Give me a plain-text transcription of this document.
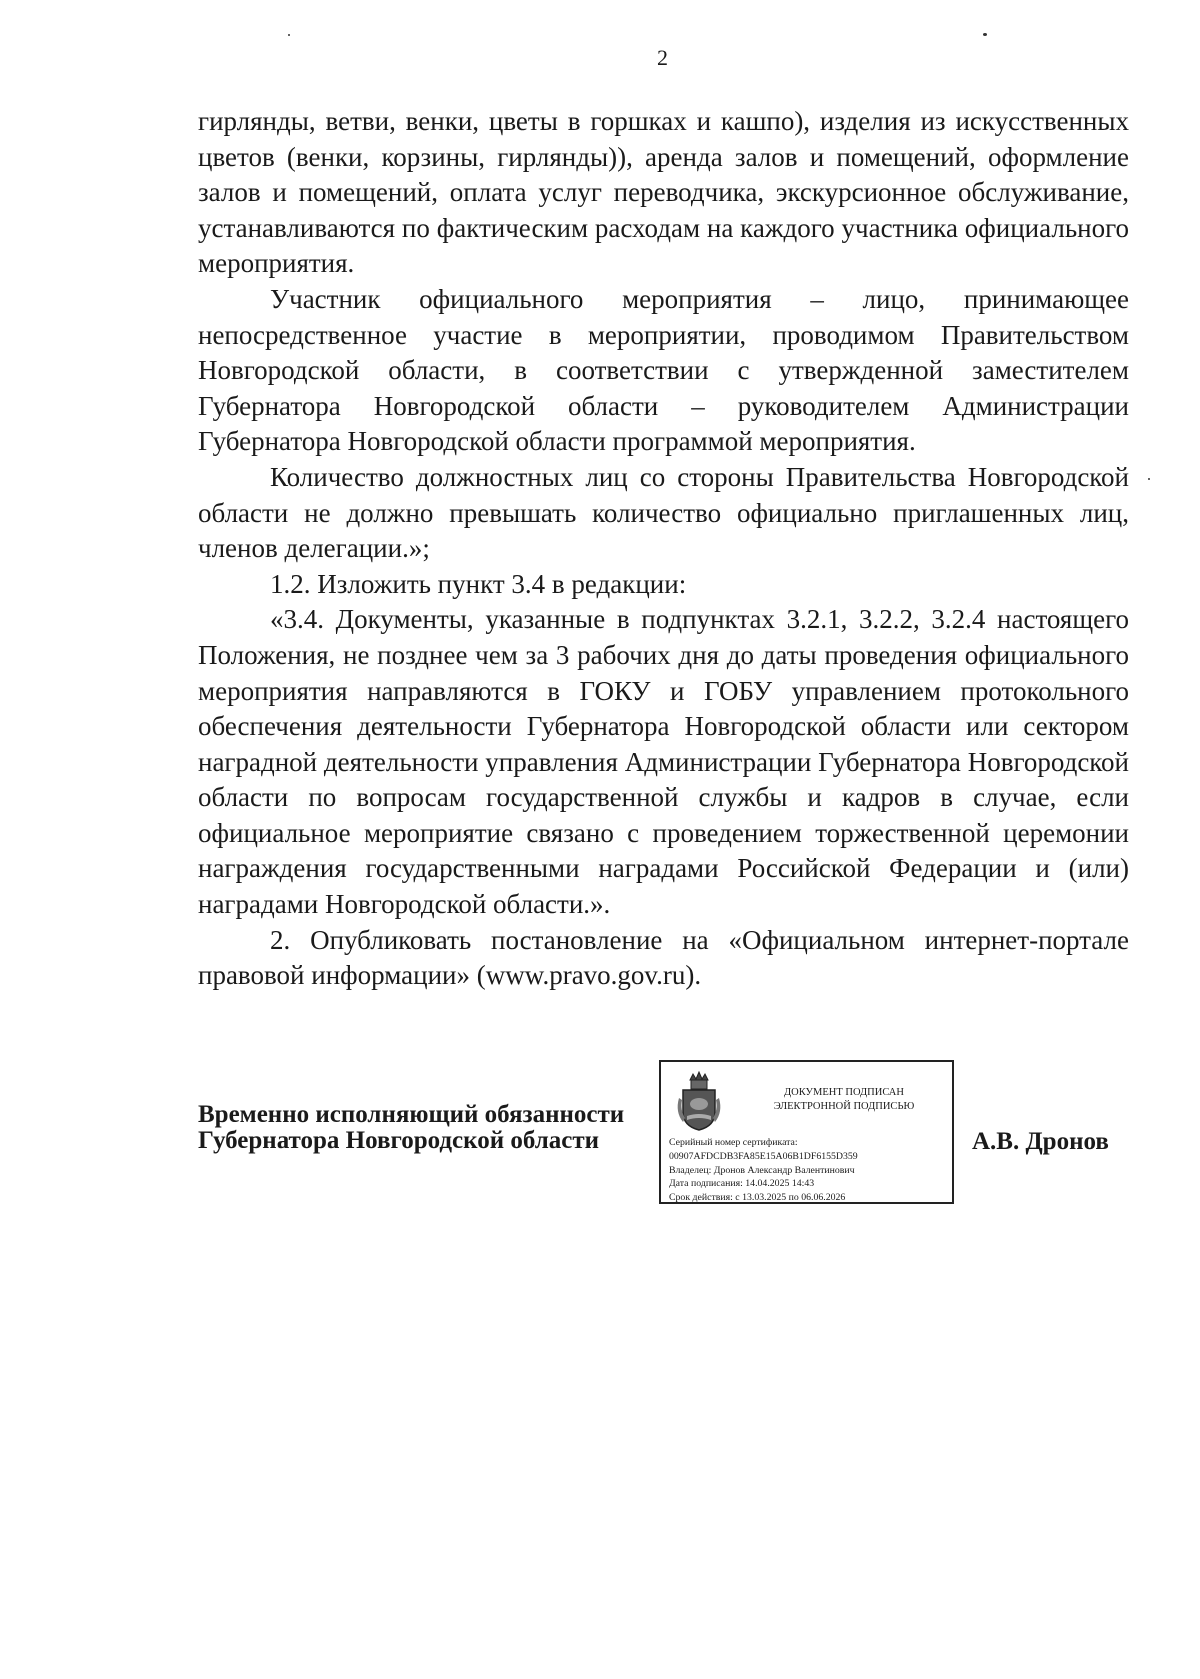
2

гирлянды, ветви, венки, цветы в горшках и кашпо), изделия из искусственных цветов (венки, корзины, гирлянды)), аренда залов и помещений, оформление залов и помещений, оплата услуг переводчика, экскурсионное обслуживание, устанавливаются по фактическим расходам на каждого участника официального мероприятия.

Участник официального мероприятия – лицо, принимающее непосредственное участие в мероприятии, проводимом Правительством Новгородской области, в соответствии с утвержденной заместителем Губернатора Новгородской области – руководителем Администрации Губернатора Новгородской области программой мероприятия.

Количество должностных лиц со стороны Правительства Новгородской области не должно превышать количество официально приглашенных лиц, членов делегации.»;

1.2. Изложить пункт 3.4 в редакции:

«3.4. Документы, указанные в подпунктах 3.2.1, 3.2.2, 3.2.4 настоящего Положения, не позднее чем за 3 рабочих дня до даты проведения официального мероприятия направляются в ГОКУ и ГОБУ управлением протокольного обеспечения деятельности Губернатора Новгородской области или сектором наградной деятельности управления Администрации Губернатора Новгородской области по вопросам государственной службы и кадров в случае, если официальное мероприятие связано с проведением торжественной церемонии награждения государственными наградами Российской Федерации и (или) наградами Новгородской области.».

2. Опубликовать постановление на «Официальном интернет-портале правовой информации» (www.pravo.gov.ru).

Временно исполняющий обязанности
Губернатора Новгородской области
ДОКУМЕНТ ПОДПИСАН
ЭЛЕКТРОННОЙ ПОДПИСЬЮ
Серийный номер сертификата:
00907AFDCDB3FA85E15A06B1DF6155D359
Владелец: Дронов Александр Валентинович
Дата подписания: 14.04.2025 14:43
Срок действия: с 13.03.2025 по 06.06.2026
А.В. Дронов
